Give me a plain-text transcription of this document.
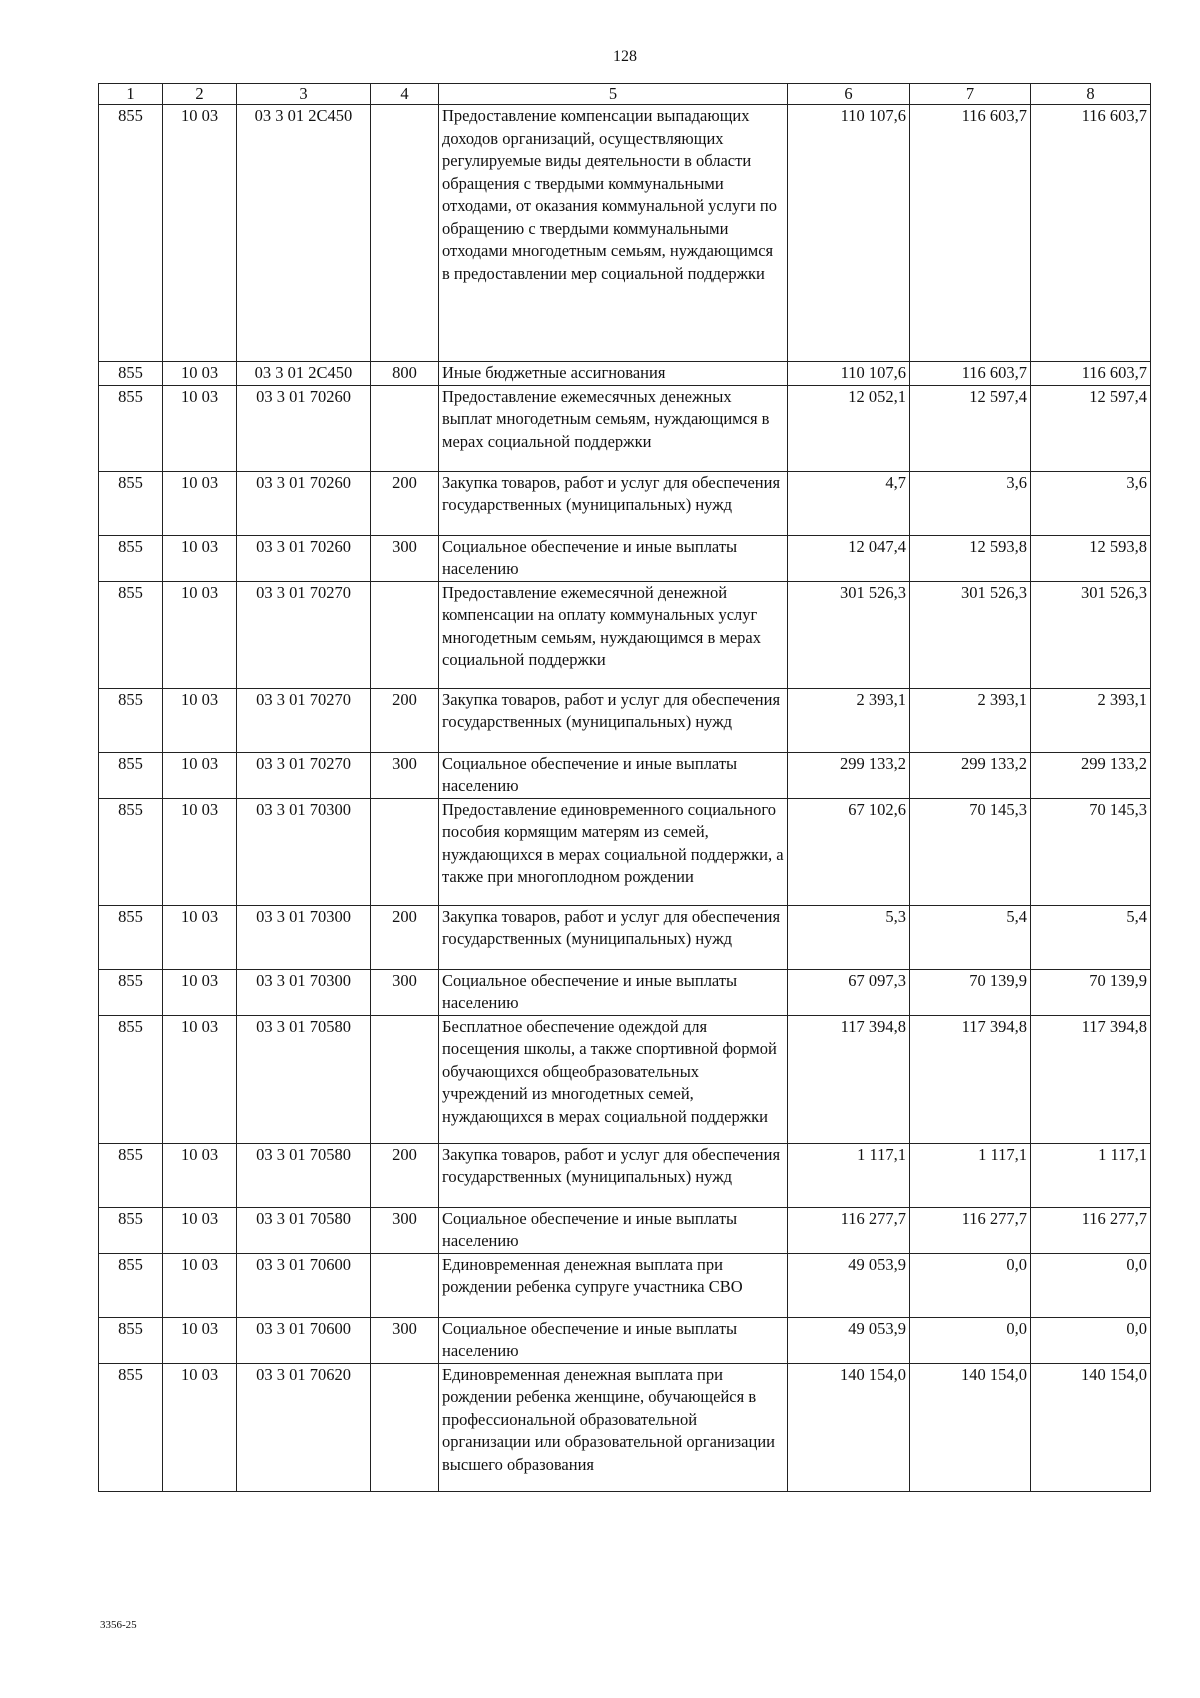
128
1	2	3	4	5	6	7	8
855	10 03	03 3 01 2С450		Предоставление компенсации выпадающих доходов организаций, осуществляющих регулируемые виды деятельности в области обращения с твердыми коммунальными отходами, от оказания коммунальной услуги по обращению с твердыми коммунальными отходами многодетным семьям, нуждающимся в предоставлении мер социальной поддержки	110 107,6	116 603,7	116 603,7
855	10 03	03 3 01 2С450	800	Иные бюджетные ассигнования	110 107,6	116 603,7	116 603,7
855	10 03	03 3 01 70260		Предоставление ежемесячных денежных выплат многодетным семьям, нуждающимся в мерах социальной поддержки	12 052,1	12 597,4	12 597,4
855	10 03	03 3 01 70260	200	Закупка товаров, работ и услуг для обеспечения государственных (муниципальных) нужд	4,7	3,6	3,6
855	10 03	03 3 01 70260	300	Социальное обеспечение и иные выплаты населению	12 047,4	12 593,8	12 593,8
855	10 03	03 3 01 70270		Предоставление ежемесячной денежной компенсации на оплату коммунальных услуг многодетным семьям, нуждающимся в мерах социальной поддержки	301 526,3	301 526,3	301 526,3
855	10 03	03 3 01 70270	200	Закупка товаров, работ и услуг для обеспечения государственных (муниципальных) нужд	2 393,1	2 393,1	2 393,1
855	10 03	03 3 01 70270	300	Социальное обеспечение и иные выплаты населению	299 133,2	299 133,2	299 133,2
855	10 03	03 3 01 70300		Предоставление единовременного социального пособия кормящим матерям из семей, нуждающихся в мерах социальной поддержки, а также при многоплодном рождении	67 102,6	70 145,3	70 145,3
855	10 03	03 3 01 70300	200	Закупка товаров, работ и услуг для обеспечения государственных (муниципальных) нужд	5,3	5,4	5,4
855	10 03	03 3 01 70300	300	Социальное обеспечение и иные выплаты населению	67 097,3	70 139,9	70 139,9
855	10 03	03 3 01 70580		Бесплатное обеспечение одеждой для посещения школы, а также спортивной формой обучающихся общеобразовательных учреждений из многодетных семей, нуждающихся в мерах социальной поддержки	117 394,8	117 394,8	117 394,8
855	10 03	03 3 01 70580	200	Закупка товаров, работ и услуг для обеспечения государственных (муниципальных) нужд	1 117,1	1 117,1	1 117,1
855	10 03	03 3 01 70580	300	Социальное обеспечение и иные выплаты населению	116 277,7	116 277,7	116 277,7
855	10 03	03 3 01 70600		Единовременная денежная выплата при рождении ребенка супруге участника СВО	49 053,9	0,0	0,0
855	10 03	03 3 01 70600	300	Социальное обеспечение и иные выплаты населению	49 053,9	0,0	0,0
855	10 03	03 3 01 70620		Единовременная денежная выплата при рождении ребенка женщине, обучающейся в профессиональной образовательной организации или образовательной организации высшего образования	140 154,0	140 154,0	140 154,0
3356-25
